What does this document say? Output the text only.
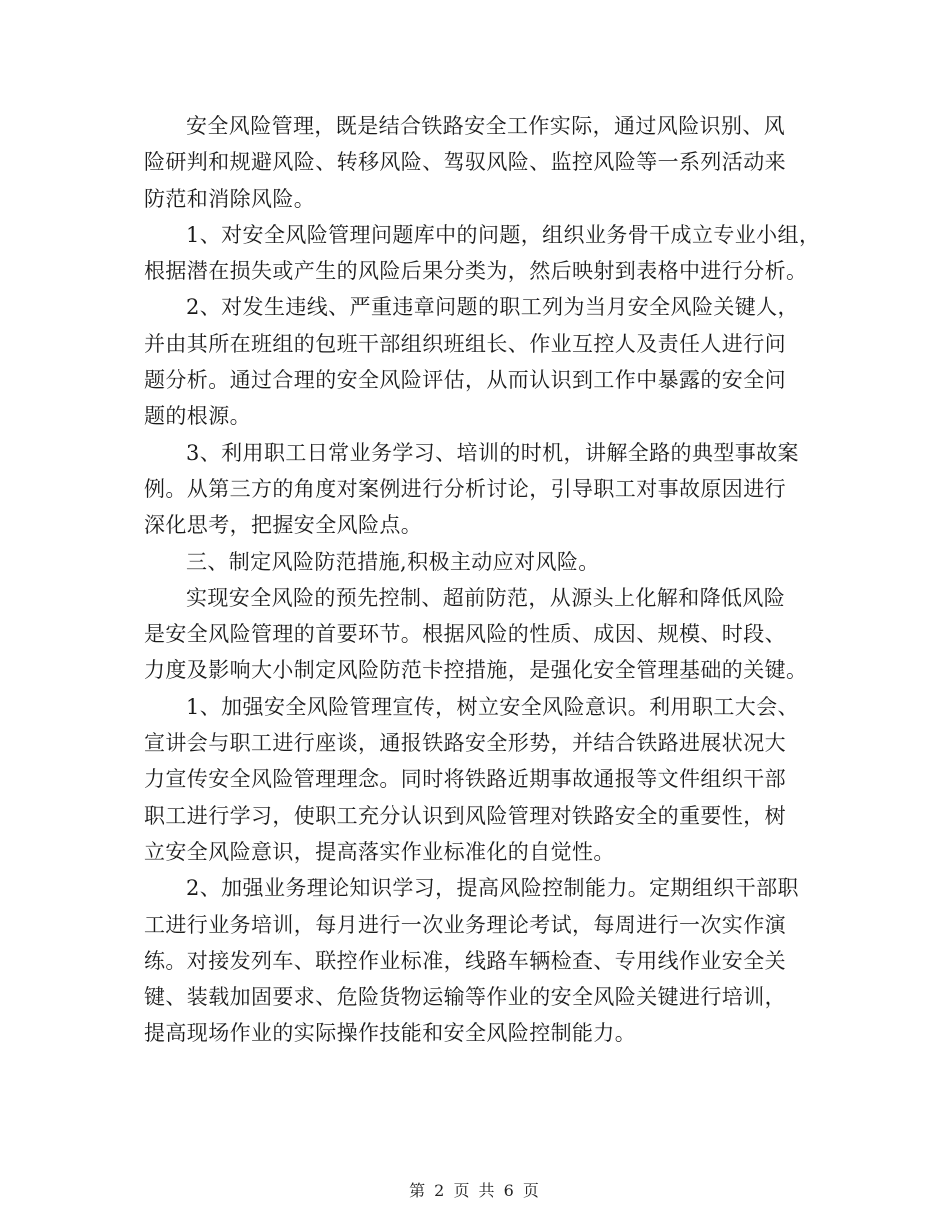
安全风险管理，既是结合铁路安全工作实际，通过风险识别、风
险研判和规避风险、转移风险、驾驭风险、监控风险等一系列活动来
防范和消除风险。
1、对安全风险管理问题库中的问题，组织业务骨干成立专业小组，
根据潜在损失或产生的风险后果分类为，然后映射到表格中进行分析。
2、对发生违线、严重违章问题的职工列为当月安全风险关键人，
并由其所在班组的包班干部组织班组长、作业互控人及责任人进行问
题分析。通过合理的安全风险评估，从而认识到工作中暴露的安全问
题的根源。
3、利用职工日常业务学习、培训的时机，讲解全路的典型事故案
例。从第三方的角度对案例进行分析讨论，引导职工对事故原因进行
深化思考，把握安全风险点。
三、制定风险防范措施,积极主动应对风险。
实现安全风险的预先控制、超前防范，从源头上化解和降低风险
是安全风险管理的首要环节。根据风险的性质、成因、规模、时段、
力度及影响大小制定风险防范卡控措施，是强化安全管理基础的关键。
1、加强安全风险管理宣传，树立安全风险意识。利用职工大会、
宣讲会与职工进行座谈，通报铁路安全形势，并结合铁路进展状况大
力宣传安全风险管理理念。同时将铁路近期事故通报等文件组织干部
职工进行学习，使职工充分认识到风险管理对铁路安全的重要性，树
立安全风险意识，提高落实作业标准化的自觉性。
2、加强业务理论知识学习，提高风险控制能力。定期组织干部职
工进行业务培训，每月进行一次业务理论考试，每周进行一次实作演
练。对接发列车、联控作业标准，线路车辆检查、专用线作业安全关
键、装载加固要求、危险货物运输等作业的安全风险关键进行培训，
提高现场作业的实际操作技能和安全风险控制能力。
第 2 页 共 6 页
